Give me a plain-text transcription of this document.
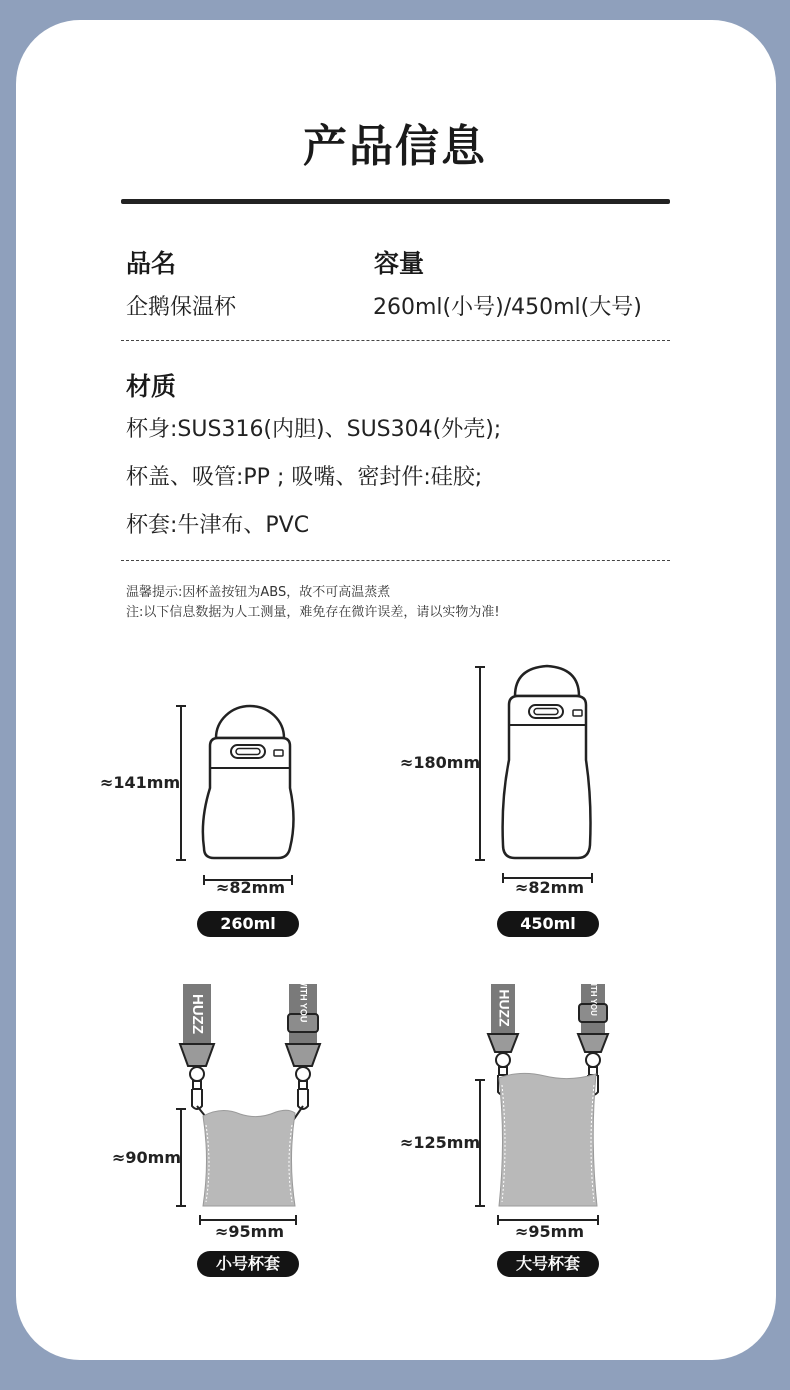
产品信息
品名
企鹅保温杯
容量
260ml(小号)/450ml(大号)
材质
杯身:SUS316(内胆)、SUS304(外壳);
杯盖、吸管:PP ; 吸嘴、密封件:硅胶;
杯套:牛津布、PVC
温馨提示:因杯盖按钮为ABS，故不可高温蒸煮
注:以下信息数据为人工测量，难免存在微许误差，请以实物为准!
HUZZ	WITH YOU	HUZZ	WITH YOU
≈141mm
≈82mm
260ml
≈180mm
≈82mm
450ml
≈90mm
≈95mm
小号杯套
≈125mm
≈95mm
大号杯套
